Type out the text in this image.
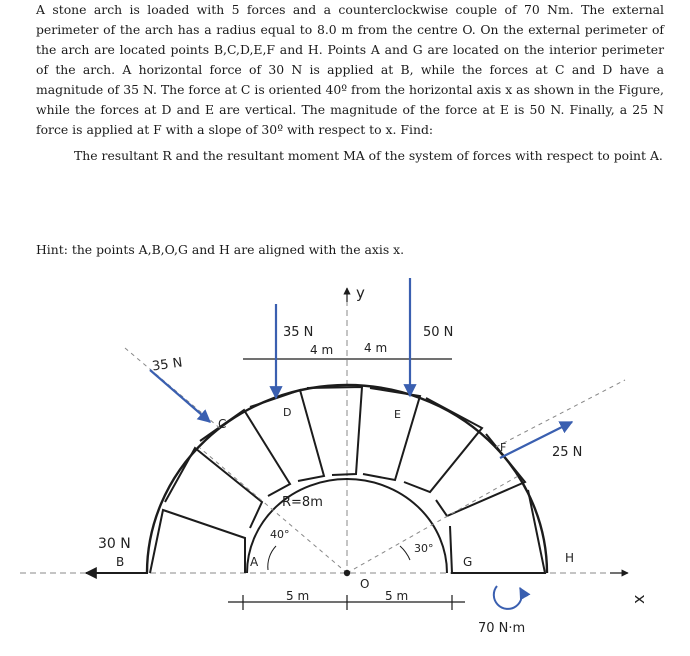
A stone arch is loaded with 5 forces and a counterclockwise couple of 70 Nm. The external perimeter of the arch has a radius equal to 8.0 m from the centre O. On the external perimeter of the arch are located points B,C,D,E,F and H. Points A and G are located on the interior perimeter of the arch. A horizontal force of 30 N is applied at B, while the forces at C and D have a magnitude of 35 N. The force at C is oriented 40º from the horizontal axis x as shown in the Figure, while the forces at D and E are vertical. The magnitude of the force at E is 50 N. Finally, a 25 N force is applied at F with a slope of 30º with respect to x. Find:
The resultant R and the resultant moment MA of the system of forces with respect to point A.
Hint: the points A,B,O,G and H are aligned with the axis x.
x
y
4 m	4 m
5 m	5 m
35 N
D
50 N
E
35 N
C
30 N
B
25 N
F
R=8m
40°
30°
A	G	H
O
70 N·m
